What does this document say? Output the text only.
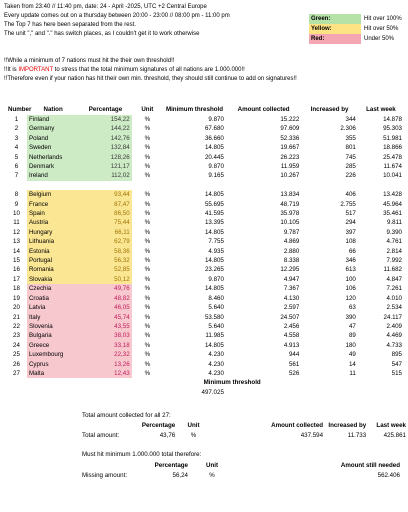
Taken from 23:40 // 11:40 pm, date: 24 - April -2025, UTC +2 Central Europe
Every update comes out on a thursday between 20:00 - 23:00 // 08:00 pm - 11:00 pm
The Top 7 has here been separated from the rest.
The unit "," and "." has switch places, as I couldn't get it to work otherwise
Green:	Hit over 100%
Yellow:	Hit over 50%
Red:	Under 50%
!!While a minimum of 7 nations must hit the their own threshold!!
!!It is IMPORTANT to stress that the total minimum signatures of all nations are 1.000.000!!
!!Therefore even if your nation has hit their own min. threshold, they should still continue to add on signatures!!
Number	Nation	Percentage	Unit	Minimum threshold	Amount collected	Increased by	Last week
1	Finland	154,22	%	9.870	15.222	344	14.878
2	Germany	144,22	%	67.680	97.609	2.306	95.303
3	Poland	142,76	%	36.660	52.336	355	51.981
4	Sweden	132,84	%	14.805	19.667	801	18.866
5	Netherlands	128,26	%	20.445	26.223	745	25.478
6	Denmark	121,17	%	9.870	11.959	285	11.674
7	Ireland	112,02	%	9.165	10.267	226	10.041

8	Belgium	93,44	%	14.805	13.834	406	13.428
9	France	87,47	%	55.695	48.719	2.755	45.964
10	Spain	86,50	%	41.595	35.978	517	35.461
11	Austria	75,44	%	13.395	10.105	294	9.811
12	Hungary	66,11	%	14.805	9.787	397	9.390
13	Lithuania	62,79	%	7.755	4.869	108	4.761
14	Estonia	58,36	%	4.935	2.880	66	2.814
15	Portugal	56,32	%	14.805	8.338	346	7.992
16	Romania	52,85	%	23.265	12.295	613	11.682
17	Slovakia	50,12	%	9.870	4.947	100	4.847
18	Czechia	49,76	%	14.805	7.367	106	7.261
19	Croatia	48,82	%	8.460	4.130	120	4.010
20	Latvia	46,05	%	5.640	2.597	63	2.534
21	Italy	45,74	%	53.580	24.507	390	24.117
22	Slovenia	43,55	%	5.640	2.456	47	2.409
23	Bulgaria	38,03	%	11.985	4.558	89	4.469
24	Greece	33,18	%	14.805	4.913	180	4.733
25	Luxembourg	22,32	%	4.230	944	49	895
26	Cyprus	13,26	%	4.230	561	14	547
27	Malta	12,43	%	4.230	526	11	515
				Minimum threshold			
				497.025			
Total amount collected for all 27:
	Percentage	Unit		Amount collected	Increased by	Last week
Total amount:	43,76	%		437.594	11.733	425.861
Must hit minimum 1.000.000 total therefore:
	Percentage	Unit		Amount still needed
Missing amount:	56,24	%		562.406
